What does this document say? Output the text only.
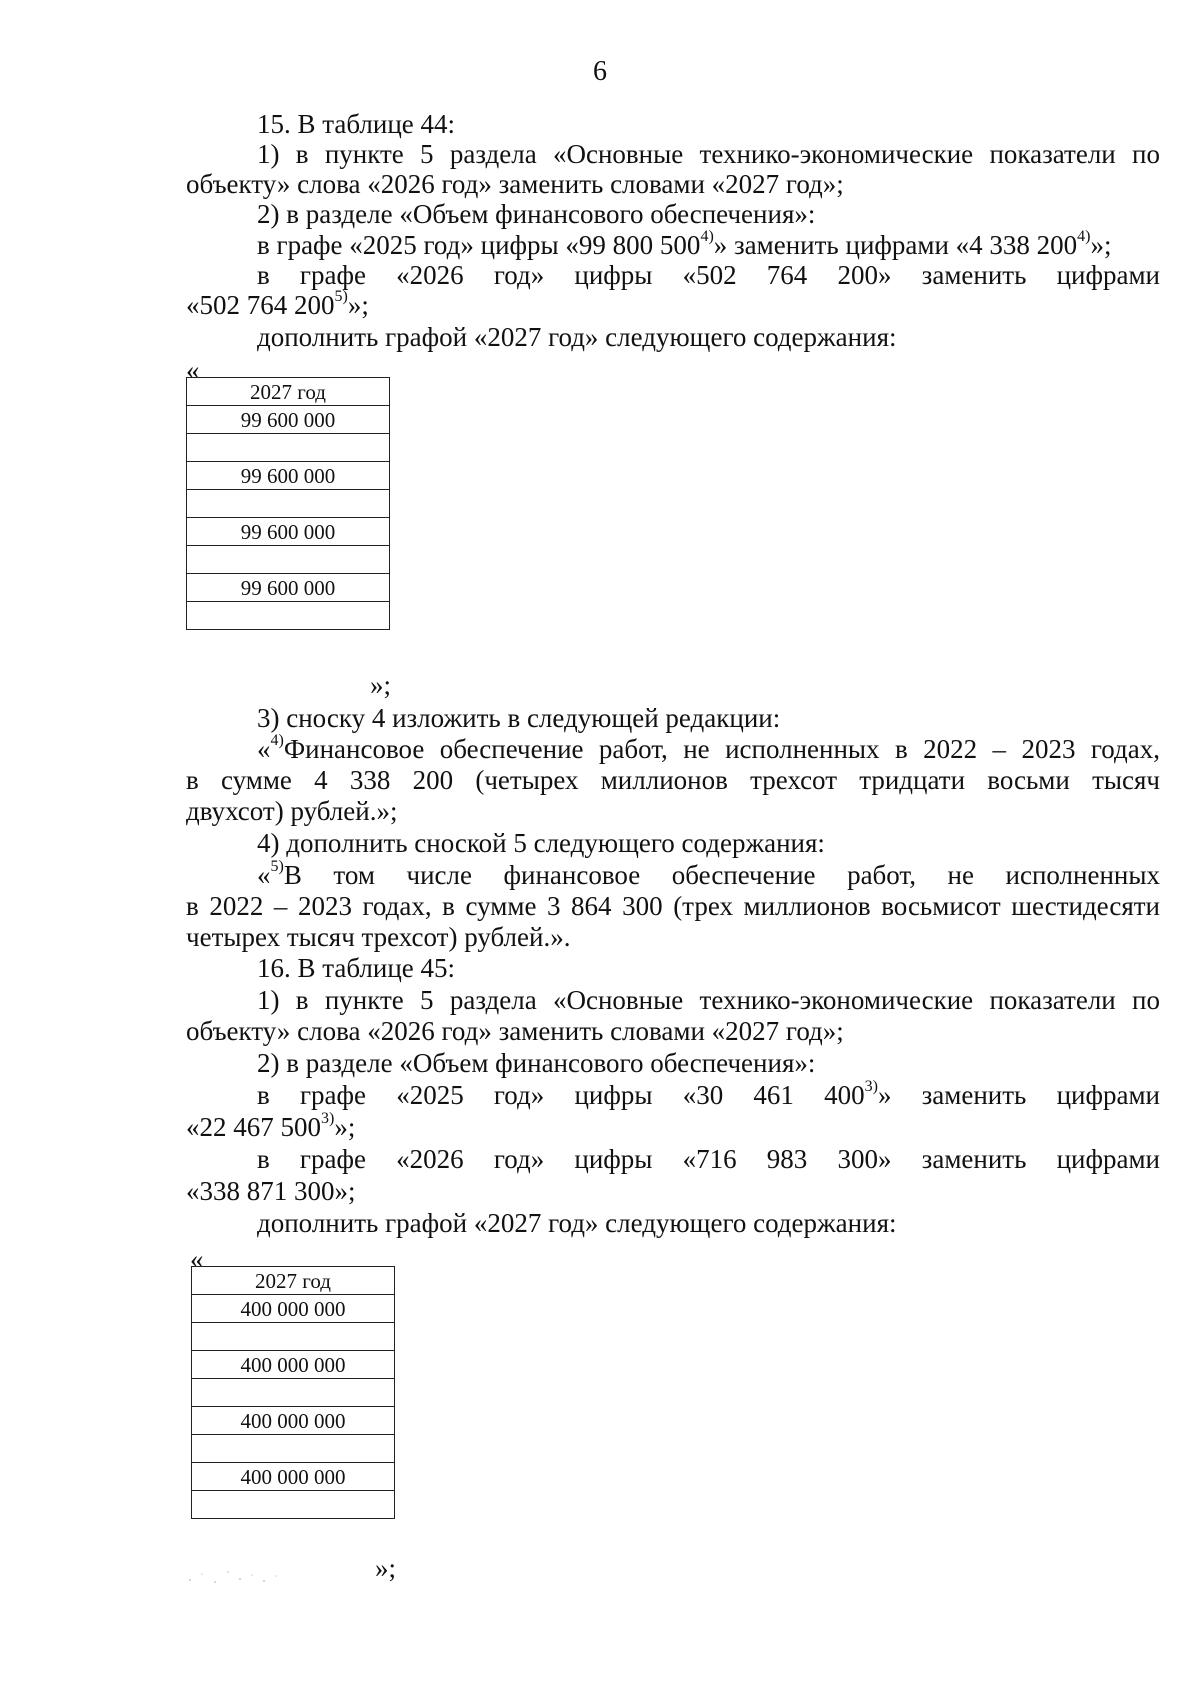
6
15. В таблице 44:
1) в пункте 5 раздела «Основные технико-экономические показатели по
объекту» слова «2026 год» заменить словами «2027 год»;
2) в разделе «Объем финансового обеспечения»:
в графе «2025 год» цифры «99 800 500$^{4)}$» заменить цифрами «4 338 200$^{4)}$»;
в графе «2026 год» цифры «502 764 200» заменить цифрами
«502 764 200$^{5)}$»;
дополнить графой «2027 год» следующего содержания:
«
2027 год
99 600 000

99 600 000

99 600 000

99 600 000

»;
3) сноску 4 изложить в следующей редакции:
«$^{4)}$Финансовое обеспечение работ, не исполненных в 2022 – 2023 годах,
в сумме 4 338 200 (четырех миллионов трехсот тридцати восьми тысяч
двухсот) рублей.»;
4) дополнить сноской 5 следующего содержания:
«$^{5)}$В том числе финансовое обеспечение работ, не исполненных
в 2022 – 2023 годах, в сумме 3 864 300 (трех миллионов восьмисот шестидесяти
четырех тысяч трехсот) рублей.».
16. В таблице 45:
1) в пункте 5 раздела «Основные технико-экономические показатели по
объекту» слова «2026 год» заменить словами «2027 год»;
2) в разделе «Объем финансового обеспечения»:
в графе «2025 год» цифры «30 461 400$^{3)}$» заменить цифрами
«22 467 500$^{3)}$»;
в графе «2026 год» цифры «716 983 300» заменить цифрами
«338 871 300»;
дополнить графой «2027 год» следующего содержания:
«
2027 год
400 000 000

400 000 000

400 000 000

400 000 000

»;
